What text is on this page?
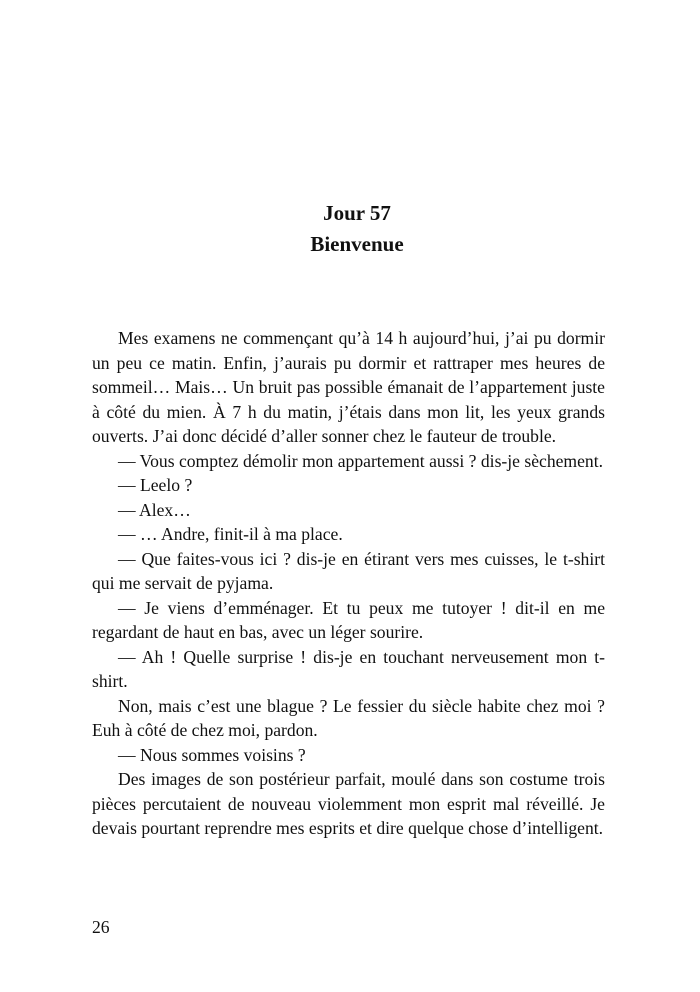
Jour 57
Bienvenue

Mes examens ne commençant qu’à 14 h aujourd’hui, j’ai pu dormir un peu ce matin. Enfin, j’aurais pu dormir et rattraper mes heures de sommeil… Mais… Un bruit pas possible émanait de l’appartement juste à côté du mien. À 7 h du matin, j’étais dans mon lit, les yeux grands ouverts. J’ai donc décidé d’aller sonner chez le fauteur de trouble.

— Vous comptez démolir mon appartement aussi ? dis-je sèchement.

— Leelo ?

— Alex…

— … Andre, finit-il à ma place.

— Que faites-vous ici ? dis-je en étirant vers mes cuisses, le t-shirt qui me servait de pyjama.

— Je viens d’emménager. Et tu peux me tutoyer ! dit-il en me regardant de haut en bas, avec un léger sourire.

— Ah ! Quelle surprise ! dis-je en touchant nerveusement mon t-shirt.

Non, mais c’est une blague ? Le fessier du siècle habite chez moi ? Euh à côté de chez moi, pardon.

— Nous sommes voisins ?

Des images de son postérieur parfait, moulé dans son costume trois pièces percutaient de nouveau violemment mon esprit mal réveillé. Je devais pourtant reprendre mes esprits et dire quelque chose d’intelligent.

26
